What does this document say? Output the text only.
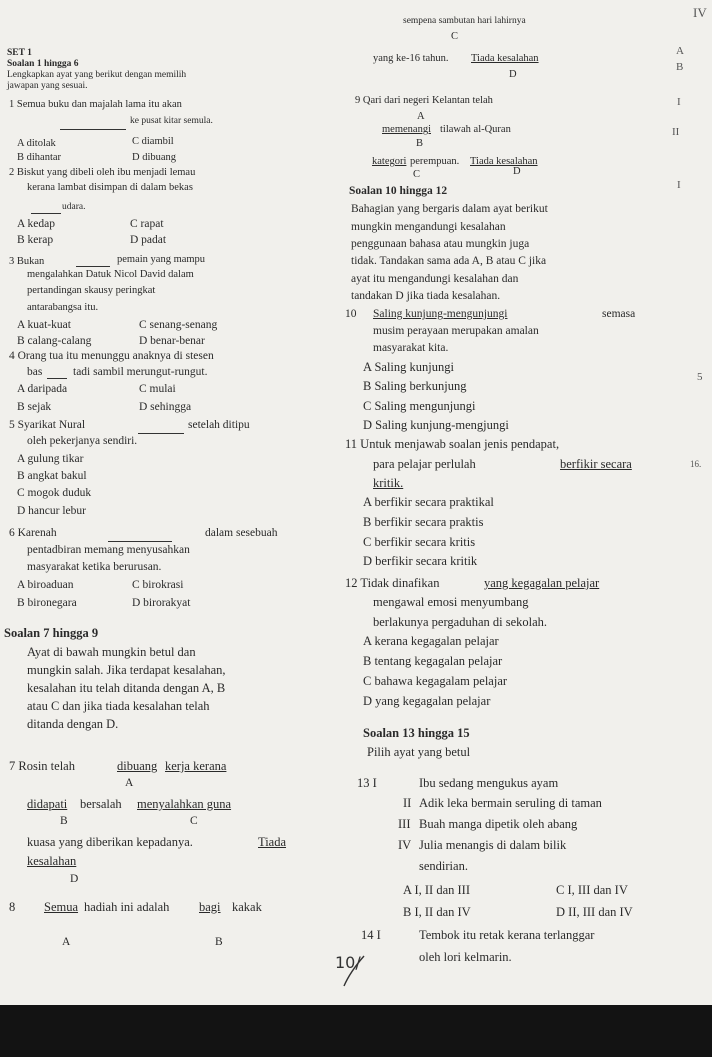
SET 1
Soalan 1 hingga 6
Lengkapkan ayat yang berikut dengan memilih
jawapan yang sesuai.
1 Semua buku dan majalah lama itu akan
ke pusat kitar semula.
A ditolak
B dihantar
C diambil
D dibuang
2 Biskut yang dibeli oleh ibu menjadi lemau
kerana lambat disimpan di dalam bekas
udara.
A kedap
B kerap
C rapat
D padat
3 Bukan	pemain yang mampu
mengalahkan Datuk Nicol David dalam
pertandingan skausy peringkat
antarabangsa itu.
A kuat-kuat
B calang-calang
C senang-senang
D benar-benar
4 Orang tua itu menunggu anaknya di stesen
bas	tadi sambil merungut-rungut.
A daripada
B sejak
C mulai
D sehingga
5 Syarikat Nural	setelah ditipu
oleh pekerjanya sendiri.
A gulung tikar
B angkat bakul
C mogok duduk
D hancur lebur
6 Karenah	dalam sesebuah
pentadbiran memang menyusahkan
masyarakat ketika berurusan.
A biroaduan
B bironegara
C birokrasi
D birorakyat
Soalan 7 hingga 9
Ayat di bawah mungkin betul dan
mungkin salah. Jika terdapat kesalahan,
kesalahan itu telah ditanda dengan A, B
atau C dan jika tiada kesalahan telah
ditanda dengan D.
7 Rosin telah	dibuang kerja kerana
A
didapati bersalah menyalahkan guna
B	C
kuasa yang diberikan kepadanya.	Tiada
kesalahan
D
8 Semua hadiah ini adalah bagi kakak
A	B
sempena sambutan hari lahirnya
C
yang ke-16 tahun. Tiada kesalahan
D
9 Qari dari negeri Kelantan telah
A
memenangi tilawah al-Quran
B
kategori perempuan. Tiada kesalahan
C	D
Soalan 10 hingga 12
Bahagian yang bergaris dalam ayat berikut
mungkin mengandungi kesalahan
penggunaan bahasa atau mungkin juga
tidak. Tandakan sama ada A, B atau C jika
ayat itu mengandungi kesalahan dan
tandakan D jika tiada kesalahan.
10 Saling kunjung-mengunjungi	semasa
musim perayaan merupakan amalan
masyarakat kita.
A Saling kunjungi
B Saling berkunjung
C Saling mengunjungi
D Saling kunjung-mengjungi
11 Untuk menjawab soalan jenis pendapat,
para pelajar perlulah	berfikir secara
kritik.
A berfikir secara praktikal
B berfikir secara praktis
C berfikir secara kritis
D berfikir secara kritik
12 Tidak dinafikan	yang kegagalan pelajar
mengawal emosi menyumbang
berlakunya pergaduhan di sekolah.
A kerana kegagalan pelajar
B tentang kegagalan pelajar
C bahawa kegagalam pelajar
D yang kegagalan pelajar
Soalan 13 hingga 15
Pilih ayat yang betul
13 I	Ibu sedang mengukus ayam
II Adik leka bermain seruling di taman
III Buah manga dipetik oleh abang
IV Julia menangis di dalam bilik
sendirian.
A I, II dan III
B I, II dan IV
C I, III dan IV
D II, III dan IV
14 I	Tembok itu retak kerana terlanggar
oleh lori kelmarin.
IV
A
B
I
II
I
5
16.
10/
